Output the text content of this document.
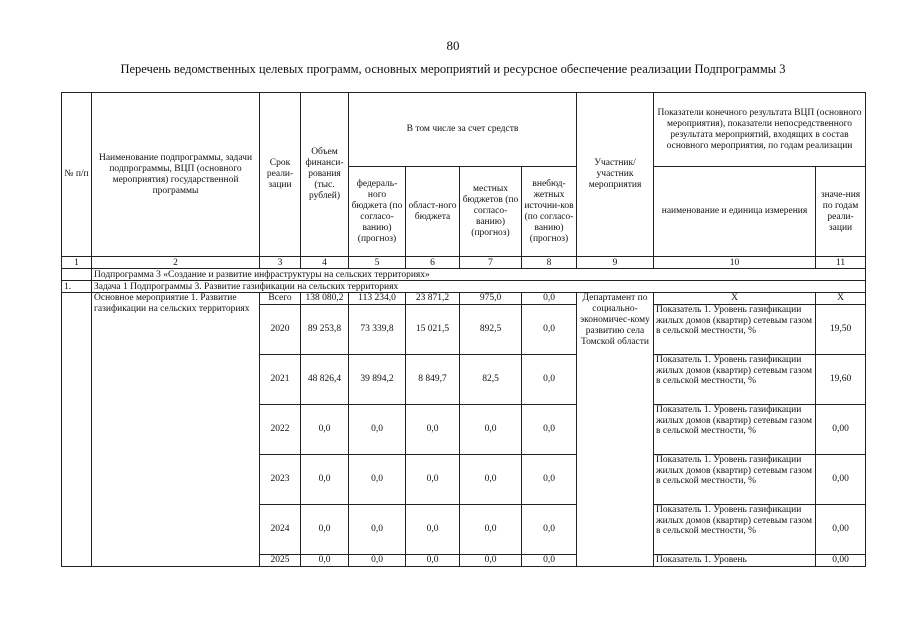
80
Перечень ведомственных целевых программ, основных мероприятий и ресурсное обеспечение реализации Подпрограммы 3
№ п/п	Наименование подпрограммы, задачи подпрограммы, ВЦП (основного мероприятия) государственной программы	Срок реали-зации	Объем финанси-рования (тыс. рублей)	В том числе за счет средств				Участник/ участник мероприятия	Показатели конечного результата ВЦП (основного мероприятия), показатели непосредственного результата мероприятий, входящих в состав основного мероприятия, по годам реализации	
				федераль-ного бюджета (по согласо-ванию) (прогноз)	област-ного бюджета	местных бюджетов (по согласо-ванию) (прогноз)	внебюд-жетных источни-ков (по согласо-ванию) (прогноз)		наименование и единица измерения	значе-ния по годам реали-зации
1	2	3	4	5	6	7	8	9	10	11
	Подпрограмма 3 «Создание и развитие инфраструктуры на сельских территориях»									
1.	Задача 1 Подпрограммы 3. Развитие газификации на сельских территориях									
	Основное мероприятие 1. Развитие газификации на сельских территориях	Всего	138 080,2	113 234,0	23 871,2	975,0	0,0	Департамент по социально-экономичес-кому развитию села Томской области	X	X
		2020	89 253,8	73 339,8	15 021,5	892,5	0,0		Показатель 1. Уровень газификации жилых домов (квартир) сетевым газом в сельской местности, %	19,50
		2021	48 826,4	39 894,2	8 849,7	82,5	0,0		Показатель 1. Уровень газификации жилых домов (квартир) сетевым газом в сельской местности, %	19,60
		2022	0,0	0,0	0,0	0,0	0,0		Показатель 1. Уровень газификации жилых домов (квартир) сетевым газом в сельской местности, %	0,00
		2023	0,0	0,0	0,0	0,0	0,0		Показатель 1. Уровень газификации жилых домов (квартир) сетевым газом в сельской местности, %	0,00
		2024	0,0	0,0	0,0	0,0	0,0		Показатель 1. Уровень газификации жилых домов (квартир) сетевым газом в сельской местности, %	0,00
		2025	0,0	0,0	0,0	0,0	0,0		Показатель 1. Уровень	0,00
